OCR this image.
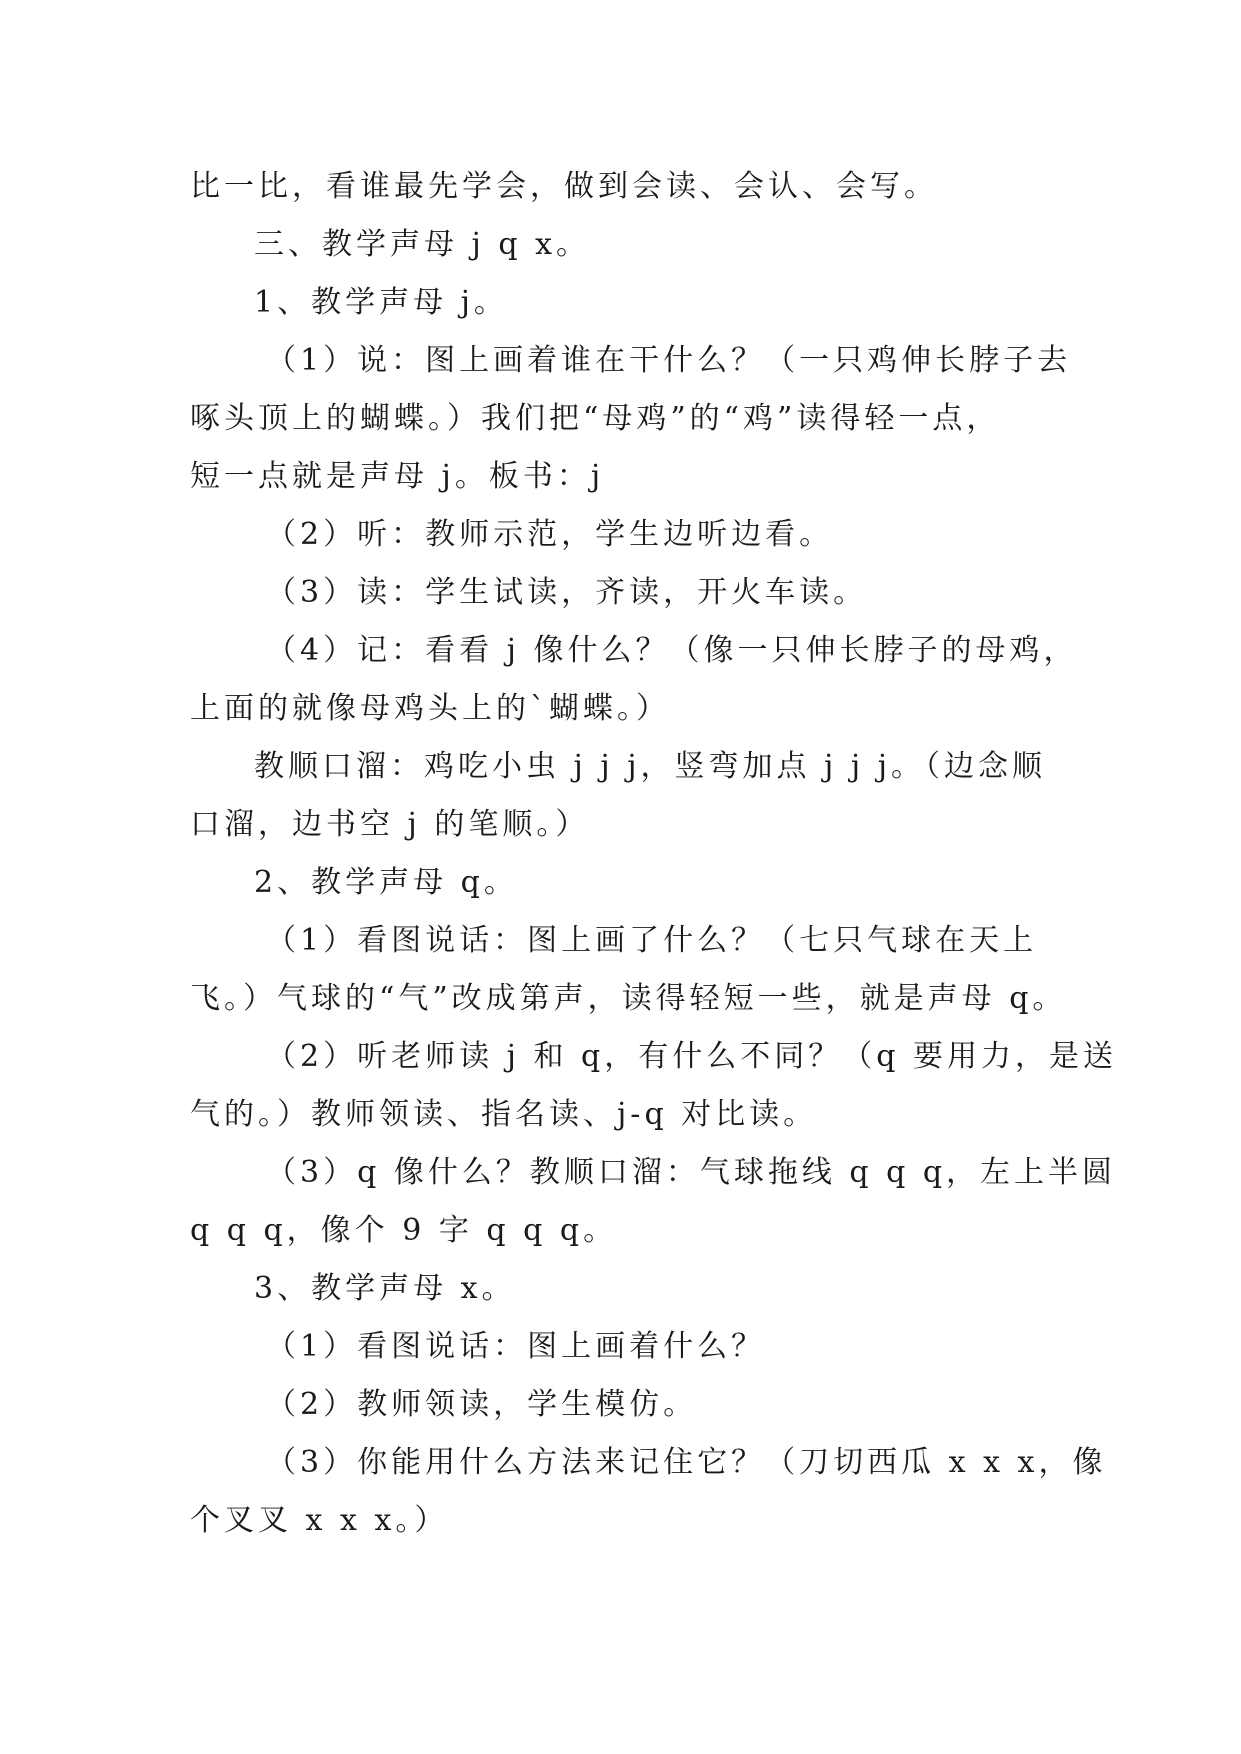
比一比，看谁最先学会，做到会读、会认、会写。
三、教学声母 j q x。
1、教学声母 j。
（1）说：图上画着谁在干什么？（一只鸡伸长脖子去
啄头顶上的蝴蝶。）我们把“母鸡”的“鸡”读得轻一点，
短一点就是声母 j。板书：j
（2）听：教师示范，学生边听边看。
（3）读：学生试读，齐读，开火车读。
（4）记：看看 j 像什么？（像一只伸长脖子的母鸡，
上面的就像母鸡头上的`蝴蝶。）
教顺口溜：鸡吃小虫 j j j，竖弯加点 j j j。（边念顺
口溜，边书空 j 的笔顺。）
2、教学声母 q。
（1）看图说话：图上画了什么？（七只气球在天上
飞。）气球的“气”改成第声，读得轻短一些，就是声母 q。
（2）听老师读 j 和 q，有什么不同？（q 要用力，是送
气的。）教师领读、指名读、j-q 对比读。
（3）q 像什么？教顺口溜：气球拖线 q q q，左上半圆
q q q，像个 9 字 q q q。
3、教学声母 x。
（1）看图说话：图上画着什么？
（2）教师领读，学生模仿。
（3）你能用什么方法来记住它？（刀切西瓜 x x x，像
个叉叉 x x x。）
